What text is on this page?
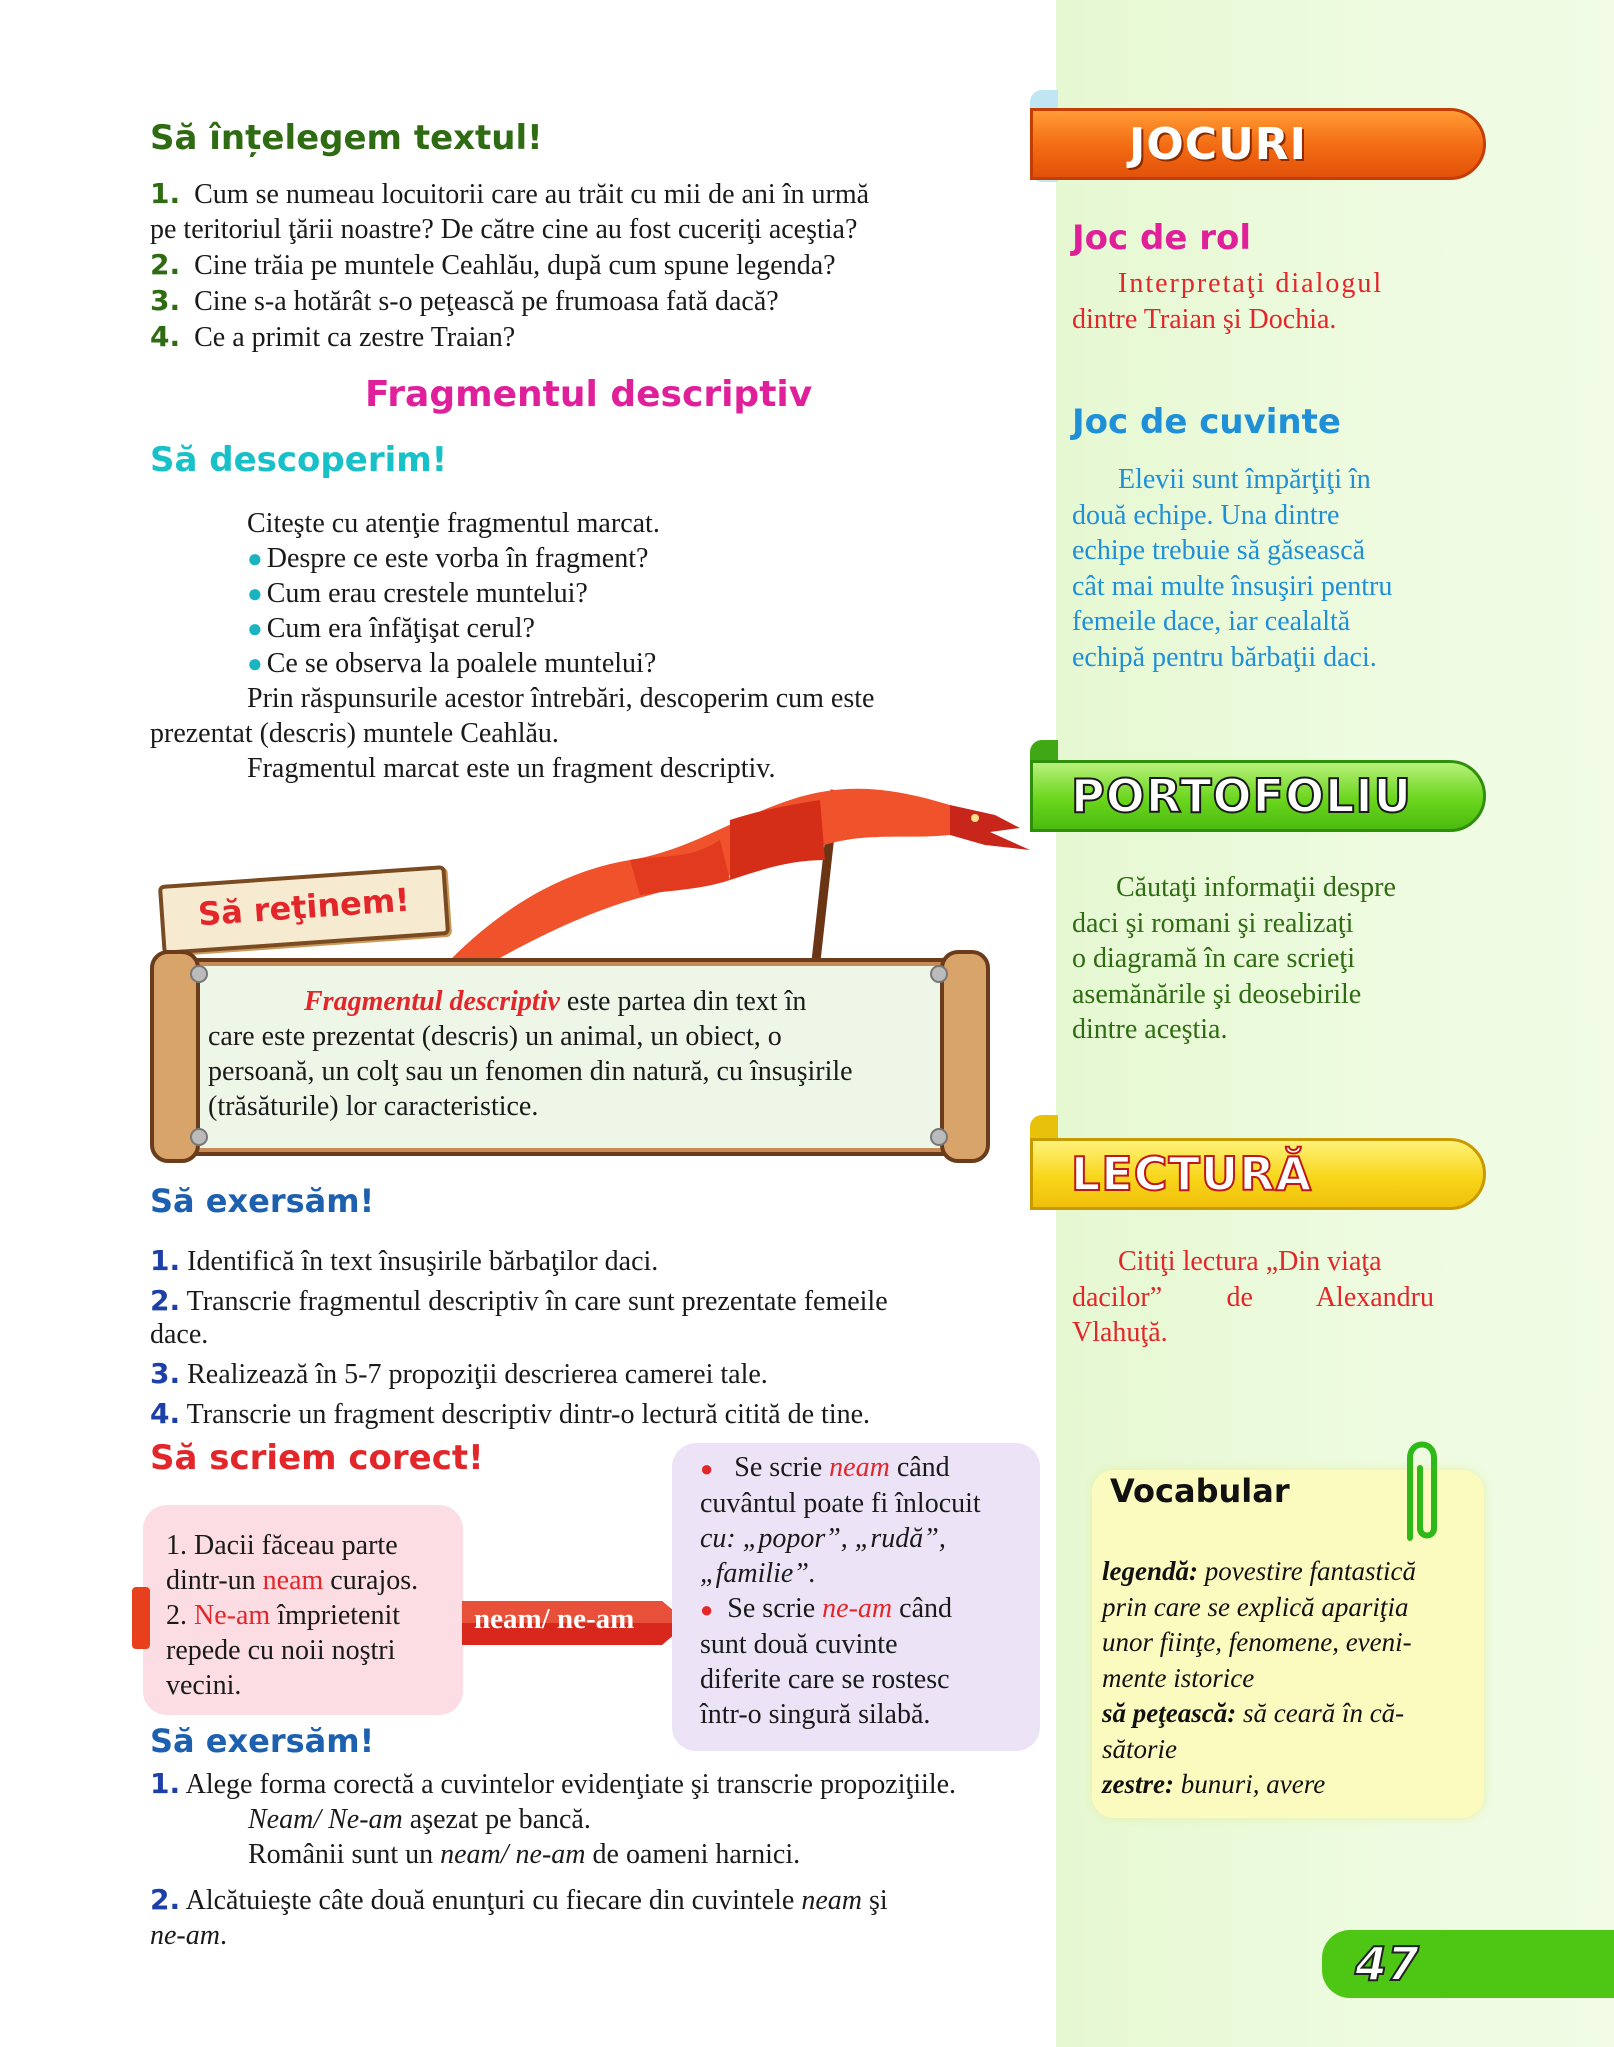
Să înțelegem textul!
1. Cum se numeau locuitorii care au trăit cu mii de ani în urmă
pe teritoriul ţării noastre? De către cine au fost cuceriţi aceştia?
2. Cine trăia pe muntele Ceahlău, după cum spune legenda?
3. Cine s-a hotărât s-o peţească pe frumoasa fată dacă?
4. Ce a primit ca zestre Traian?
Fragmentul descriptiv
Să descoperim!
Citeşte cu atenţie fragmentul marcat.
● Despre ce este vorba în fragment?
● Cum erau crestele muntelui?
● Cum era înfăţişat cerul?
● Ce se observa la poalele muntelui?
Prin răspunsurile acestor întrebări, descoperim cum este
prezentat (descris) muntele Ceahlău.
Fragmentul marcat este un fragment descriptiv.
Să reţinem!
Fragmentul descriptiv este partea din text în
care este prezentat (descris) un animal, un obiect, o
persoană, un colţ sau un fenomen din natură, cu însuşirile
(trăsăturile) lor caracteristice.
Să exersăm!
1. Identifică în text însuşirile bărbaţilor daci.
2. Transcrie fragmentul descriptiv în care sunt prezentate femeile
dace.
3. Realizează în 5-7 propoziţii descrierea camerei tale.
4. Transcrie un fragment descriptiv dintr-o lectură citită de tine.
Să scriem corect!
1. Dacii făceau parte
dintr-un neam curajos.
2. Ne-am împrietenit
repede cu noii noştri
vecini.
neam/ ne-am
● Se scrie neam când
cuvântul poate fi înlocuit
cu: „popor”, „rudă”,
„familie”.
● Se scrie ne-am când
sunt două cuvinte
diferite care se rostesc
într-o singură silabă.
Să exersăm!
1. Alege forma corectă a cuvintelor evidenţiate şi transcrie propoziţiile.
Neam/ Ne-am aşezat pe bancă.
Românii sunt un neam/ ne-am de oameni harnici.
2. Alcătuieşte câte două enunţuri cu fiecare din cuvintele neam şi
ne-am.
JOCURI
Joc de rol
Interpretaţi dialogul
dintre Traian şi Dochia.
Joc de cuvinte
Elevii sunt împărţiţi în
două echipe. Una dintre
echipe trebuie să găsească
cât mai multe însuşiri pentru
femeile dace, iar cealaltă
echipă pentru bărbaţii daci.
PORTOFOLIU
Căutaţi informaţii despre
daci şi romani şi realizaţi
o diagramă în care scrieţi
asemănările şi deosebirile
dintre aceştia.
LECTURĂ
Citiţi lectura „Din viaţa
dacilor” de Alexandru
Vlahuţă.
Vocabular
legendă: povestire fantastică
prin care se explică apariţia
unor fiinţe, fenomene, eveni-
mente istorice
să peţească: să ceară în că-
sătorie
zestre: bunuri, avere
47
